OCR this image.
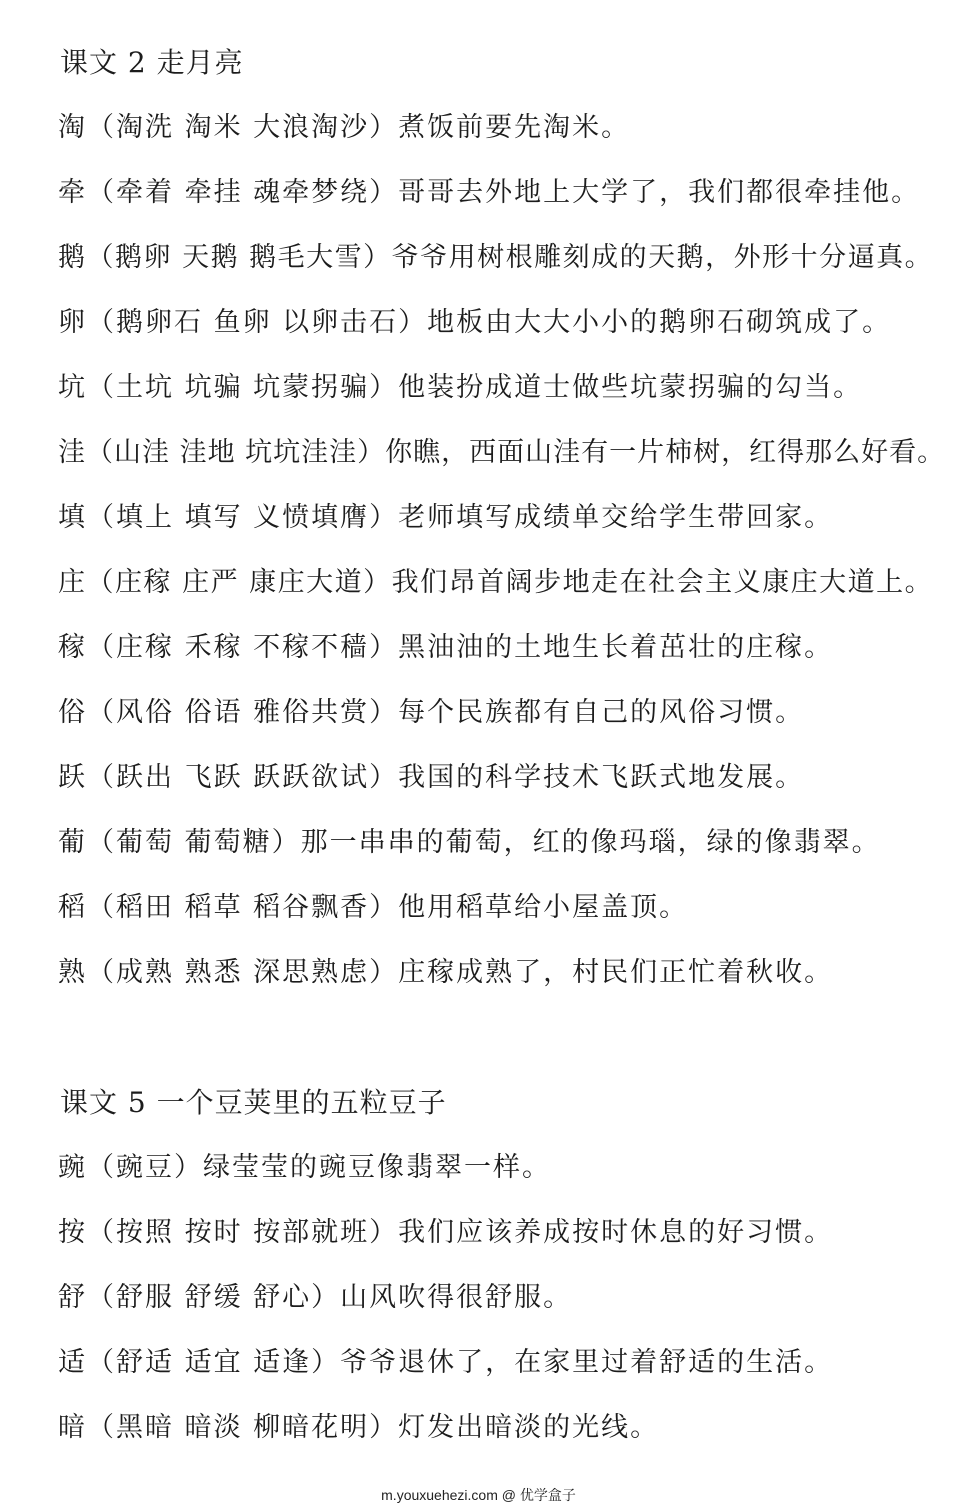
课文 2 走月亮
淘（淘洗 淘米 大浪淘沙）煮饭前要先淘米。
牵（牵着 牵挂 魂牵梦绕）哥哥去外地上大学了，我们都很牵挂他。
鹅（鹅卵 天鹅 鹅毛大雪）爷爷用树根雕刻成的天鹅，外形十分逼真。
卵（鹅卵石 鱼卵 以卵击石）地板由大大小小的鹅卵石砌筑成了。
坑（土坑 坑骗 坑蒙拐骗）他装扮成道士做些坑蒙拐骗的勾当。
洼（山洼 洼地 坑坑洼洼）你瞧，西面山洼有一片柿树，红得那么好看。
填（填上 填写 义愤填膺）老师填写成绩单交给学生带回家。
庄（庄稼 庄严 康庄大道）我们昂首阔步地走在社会主义康庄大道上。
稼（庄稼 禾稼 不稼不穑）黑油油的土地生长着茁壮的庄稼。
俗（风俗 俗语 雅俗共赏）每个民族都有自己的风俗习惯。
跃（跃出 飞跃 跃跃欲试）我国的科学技术飞跃式地发展。
葡（葡萄 葡萄糖）那一串串的葡萄，红的像玛瑙，绿的像翡翠。
稻（稻田 稻草 稻谷飘香）他用稻草给小屋盖顶。
熟（成熟 熟悉 深思熟虑）庄稼成熟了，村民们正忙着秋收。
课文 5 一个豆荚里的五粒豆子
豌（豌豆）绿莹莹的豌豆像翡翠一样。
按（按照 按时 按部就班）我们应该养成按时休息的好习惯。
舒（舒服 舒缓 舒心）山风吹得很舒服。
适（舒适 适宜 适逢）爷爷退休了，在家里过着舒适的生活。
暗（黑暗 暗淡 柳暗花明）灯发出暗淡的光线。
m.youxuehezi.com @ 优学盒子
